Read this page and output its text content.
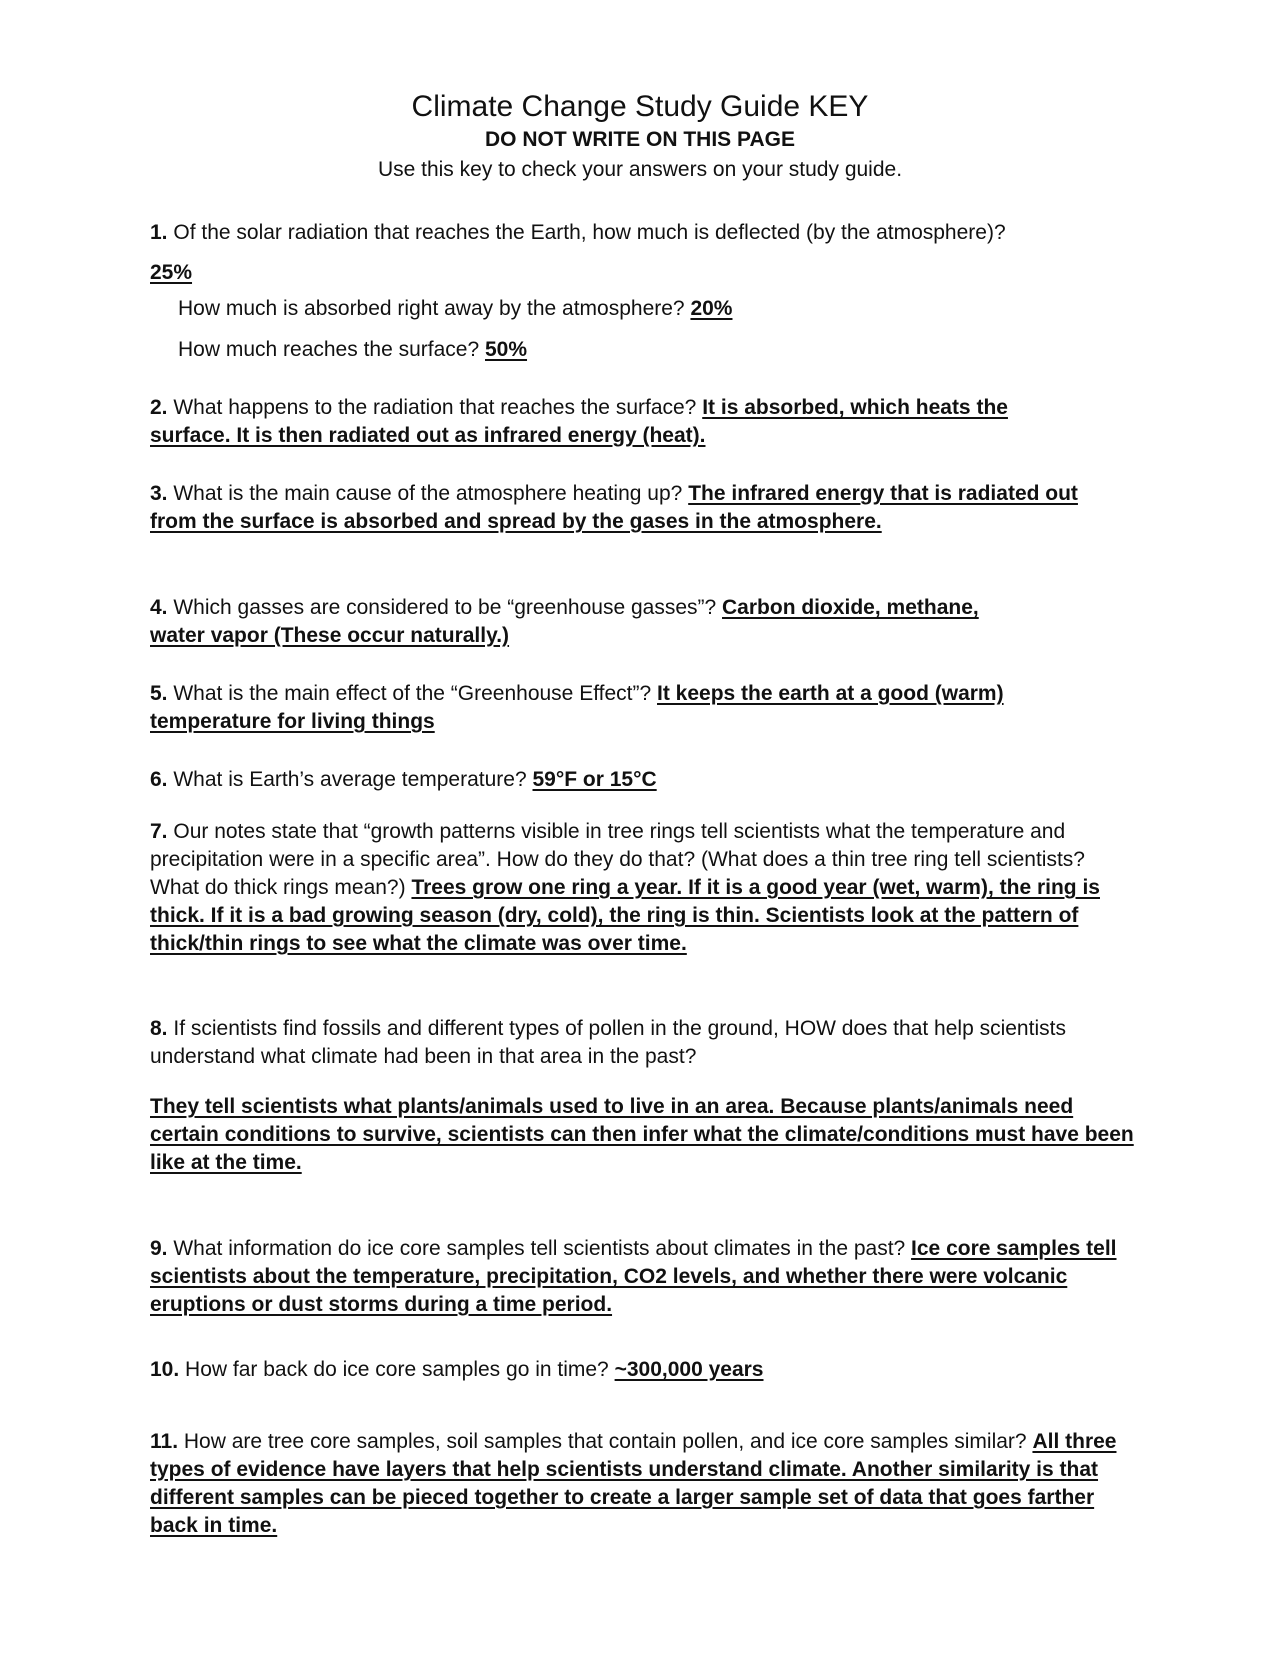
Climate Change Study Guide KEY
DO NOT WRITE ON THIS PAGE
Use this key to check your answers on your study guide.
1. Of the solar radiation that reaches the Earth, how much is deflected (by the atmosphere)? 25%
How much is absorbed right away by the atmosphere? 20%
How much reaches the surface? 50%
2. What happens to the radiation that reaches the surface? It is absorbed, which heats the surface. It is then radiated out as infrared energy (heat).
3. What is the main cause of the atmosphere heating up? The infrared energy that is radiated out from the surface is absorbed and spread by the gases in the atmosphere.
4. Which gasses are considered to be “greenhouse gasses”? Carbon dioxide, methane, water vapor (These occur naturally.)
5. What is the main effect of the “Greenhouse Effect”? It keeps the earth at a good (warm) temperature for living things
6. What is Earth’s average temperature? 59°F or 15°C
7. Our notes state that “growth patterns visible in tree rings tell scientists what the temperature and precipitation were in a specific area”. How do they do that? (What does a thin tree ring tell scientists? What do thick rings mean?) Trees grow one ring a year. If it is a good year (wet, warm), the ring is thick. If it is a bad growing season (dry, cold), the ring is thin. Scientists look at the pattern of thick/thin rings to see what the climate was over time.
8. If scientists find fossils and different types of pollen in the ground, HOW does that help scientists understand what climate had been in that area in the past?
They tell scientists what plants/animals used to live in an area. Because plants/animals need certain conditions to survive, scientists can then infer what the climate/conditions must have been like at the time.
9. What information do ice core samples tell scientists about climates in the past? Ice core samples tell scientists about the temperature, precipitation, CO2 levels, and whether there were volcanic eruptions or dust storms during a time period.
10. How far back do ice core samples go in time? ~300,000 years
11. How are tree core samples, soil samples that contain pollen, and ice core samples similar? All three types of evidence have layers that help scientists understand climate. Another similarity is that different samples can be pieced together to create a larger sample set of data that goes farther back in time.
